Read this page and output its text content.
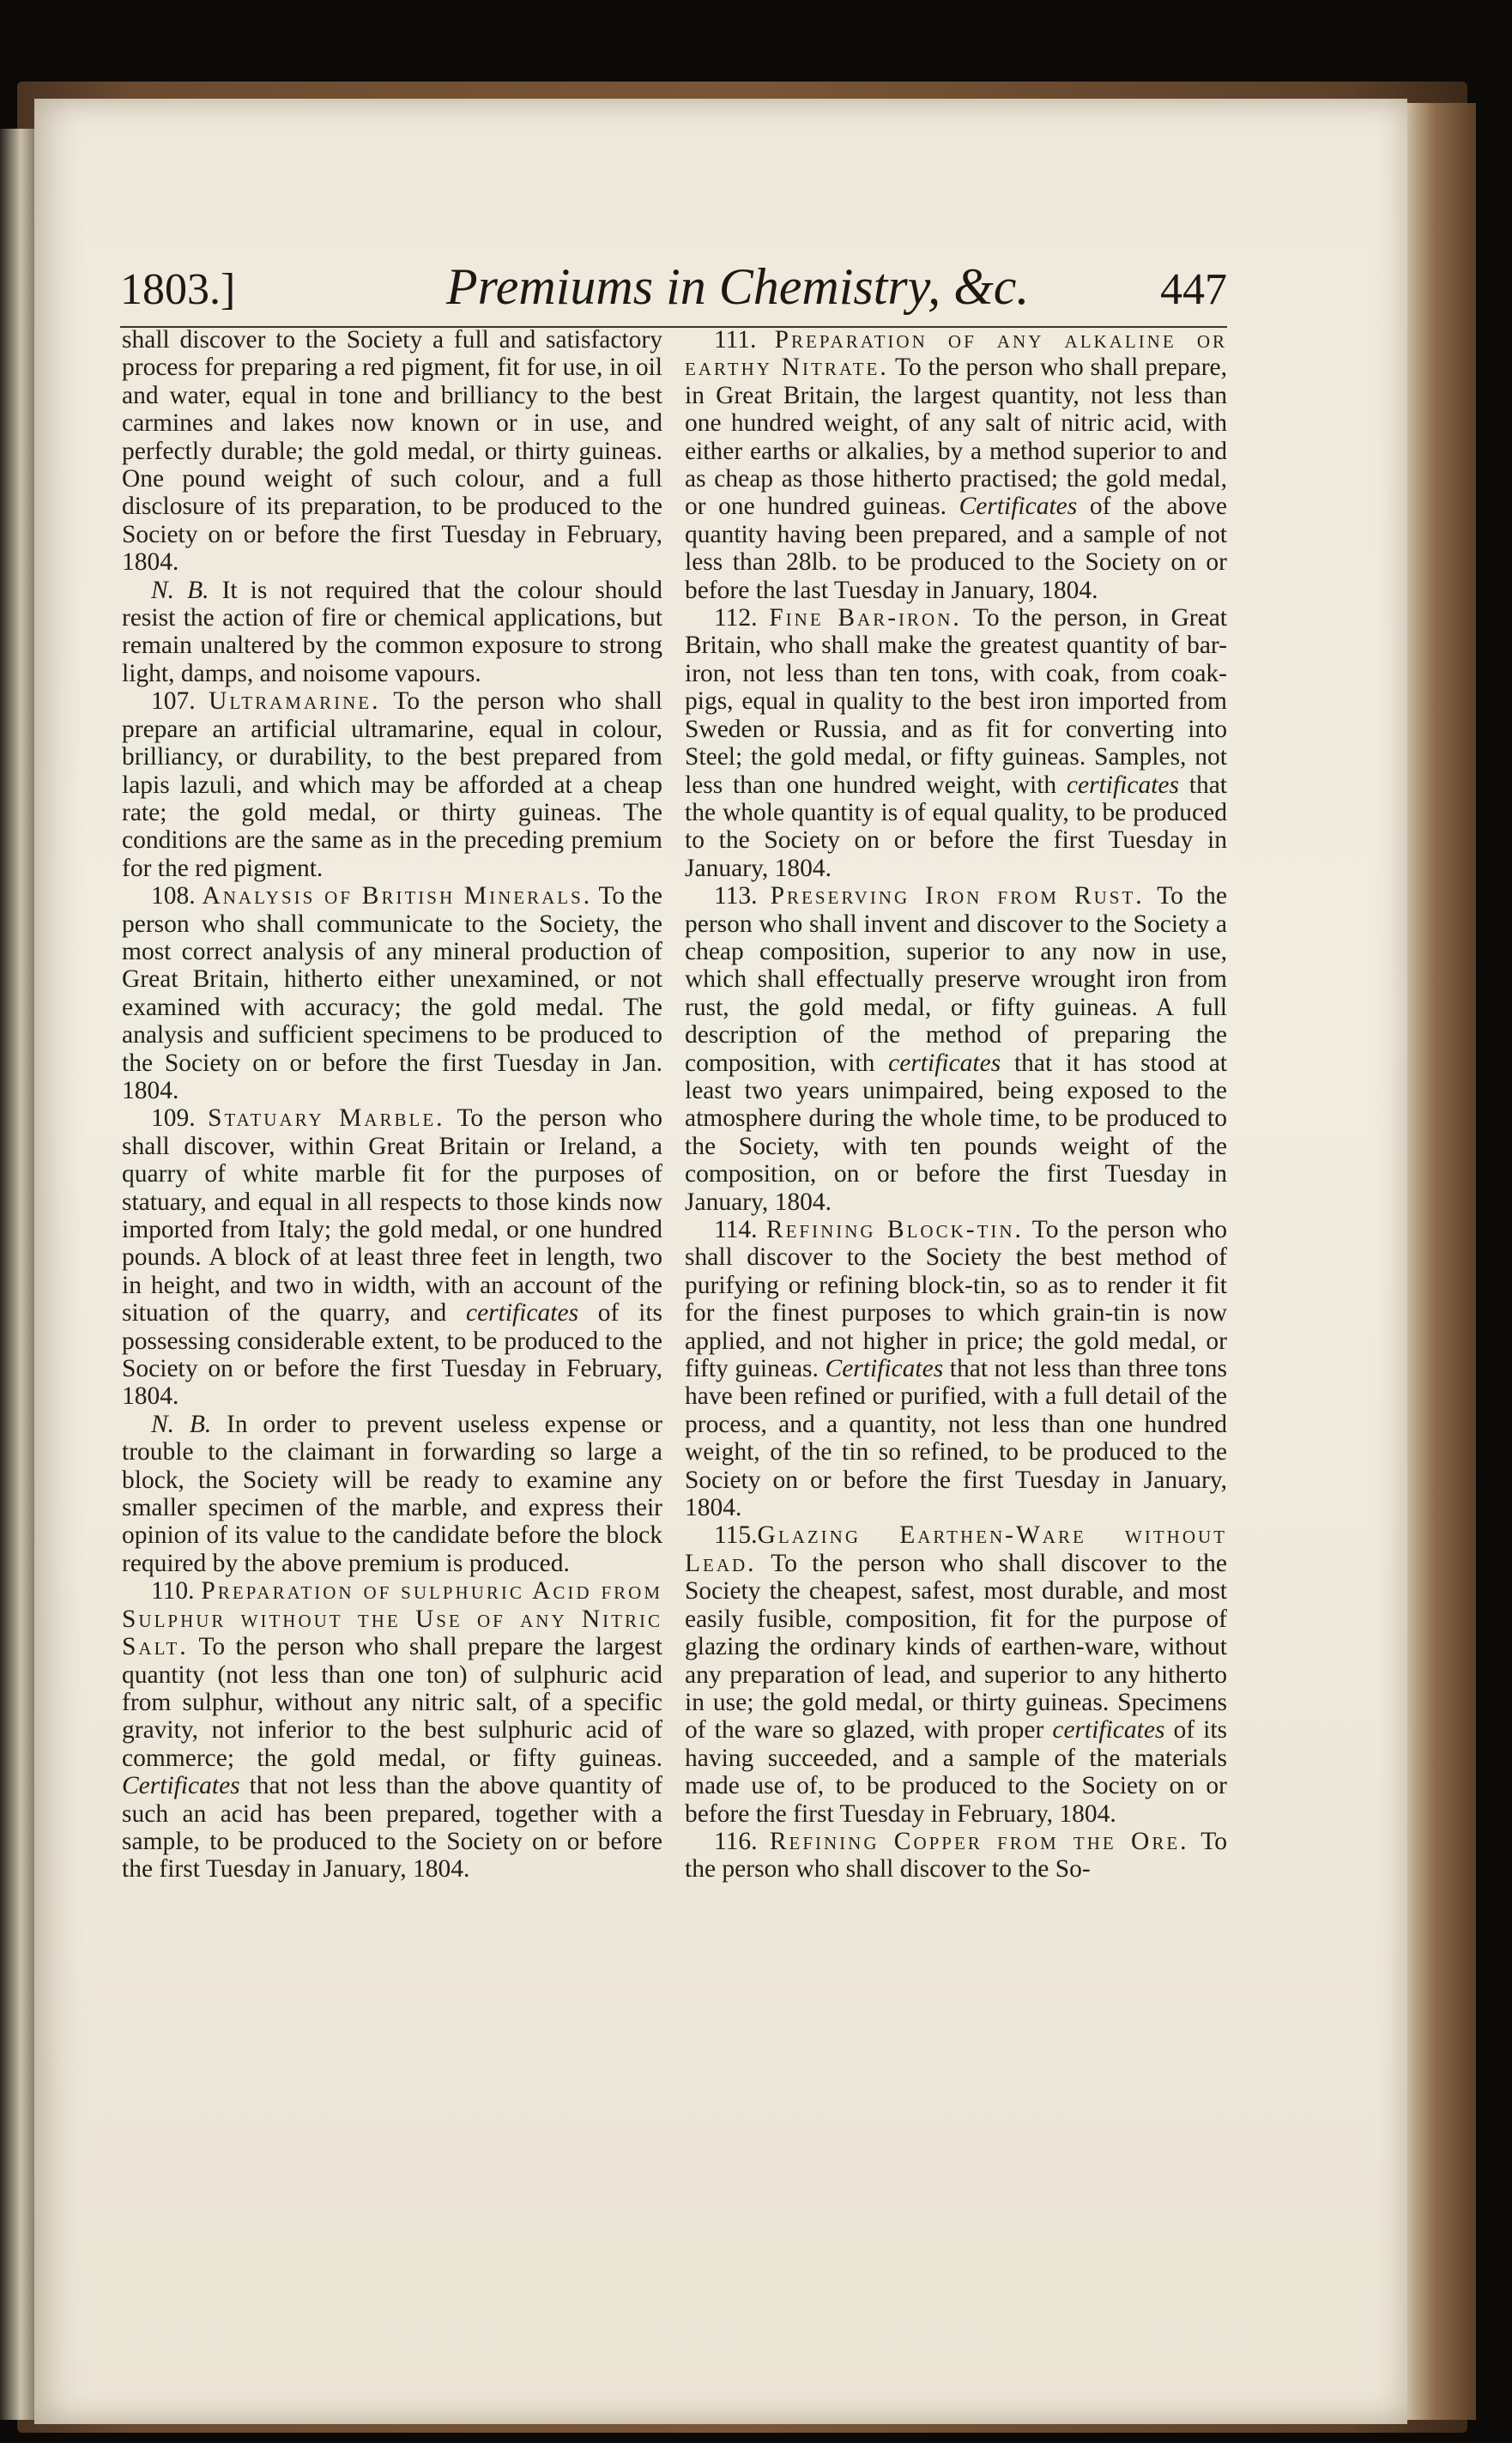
1803.]	Premiums in Chemistry, &c.	447

shall discover to the Society a full and satisfactory process for preparing a red pigment, fit for use, in oil and water, equal in tone and brilliancy to the best carmines and lakes now known or in use, and perfectly durable; the gold medal, or thirty guineas. One pound weight of such colour, and a full disclosure of its preparation, to be produced to the Society on or before the first Tuesday in February, 1804.

N. B. It is not required that the colour should resist the action of fire or chemical applications, but remain unaltered by the common exposure to strong light, damps, and noisome vapours.

107. Ultramarine. To the person who shall prepare an artificial ultramarine, equal in colour, brilliancy, or durability, to the best prepared from lapis lazuli, and which may be afforded at a cheap rate; the gold medal, or thirty guineas. The conditions are the same as in the preceding premium for the red pigment.

108. Analysis of British Minerals. To the person who shall communicate to the Society, the most correct analysis of any mineral production of Great Britain, hitherto either unexamined, or not examined with accuracy; the gold medal. The analysis and sufficient specimens to be produced to the Society on or before the first Tuesday in Jan. 1804.

109. Statuary Marble. To the person who shall discover, within Great Britain or Ireland, a quarry of white marble fit for the purposes of statuary, and equal in all respects to those kinds now imported from Italy; the gold medal, or one hundred pounds. A block of at least three feet in length, two in height, and two in width, with an account of the situation of the quarry, and certificates of its possessing considerable extent, to be produced to the Society on or before the first Tuesday in February, 1804.

N. B. In order to prevent useless expense or trouble to the claimant in forwarding so large a block, the Society will be ready to examine any smaller specimen of the marble, and express their opinion of its value to the candidate before the block required by the above premium is produced.

110. Preparation of sulphuric Acid from Sulphur without the Use of any Nitric Salt. To the person who shall prepare the largest quantity (not less than one ton) of sulphuric acid from sulphur, without any nitric salt, of a specific gravity, not inferior to the best sulphuric acid of commerce; the gold medal, or fifty guineas. Certificates that not less than the above quantity of such an acid has been prepared, together with a sample, to be produced to the Society on or before the first Tuesday in January, 1804.

111. Preparation of any alkaline or earthy Nitrate. To the person who shall prepare, in Great Britain, the largest quantity, not less than one hundred weight, of any salt of nitric acid, with either earths or alkalies, by a method superior to and as cheap as those hitherto practised; the gold medal, or one hundred guineas. Certificates of the above quantity having been prepared, and a sample of not less than 28lb. to be produced to the Society on or before the last Tuesday in January, 1804.

112. Fine Bar-iron. To the person, in Great Britain, who shall make the greatest quantity of bar-iron, not less than ten tons, with coak, from coak-pigs, equal in quality to the best iron imported from Sweden or Russia, and as fit for converting into Steel; the gold medal, or fifty guineas. Samples, not less than one hundred weight, with certificates that the whole quantity is of equal quality, to be produced to the Society on or before the first Tuesday in January, 1804.

113. Preserving Iron from Rust. To the person who shall invent and discover to the Society a cheap composition, superior to any now in use, which shall effectually preserve wrought iron from rust, the gold medal, or fifty guineas. A full description of the method of preparing the composition, with certificates that it has stood at least two years unimpaired, being exposed to the atmosphere during the whole time, to be produced to the Society, with ten pounds weight of the composition, on or before the first Tuesday in January, 1804.

114. Refining Block-tin. To the person who shall discover to the Society the best method of purifying or refining block-tin, so as to render it fit for the finest purposes to which grain-tin is now applied, and not higher in price; the gold medal, or fifty guineas. Certificates that not less than three tons have been refined or purified, with a full detail of the process, and a quantity, not less than one hundred weight, of the tin so refined, to be produced to the Society on or before the first Tuesday in January, 1804.

115.Glazing Earthen-Ware without Lead. To the person who shall discover to the Society the cheapest, safest, most durable, and most easily fusible, composition, fit for the purpose of glazing the ordinary kinds of earthen-ware, without any preparation of lead, and superior to any hitherto in use; the gold medal, or thirty guineas. Specimens of the ware so glazed, with proper certificates of its having succeeded, and a sample of the materials made use of, to be produced to the Society on or before the first Tuesday in February, 1804.

116. Refining Copper from the Ore. To the person who shall discover to the So-
